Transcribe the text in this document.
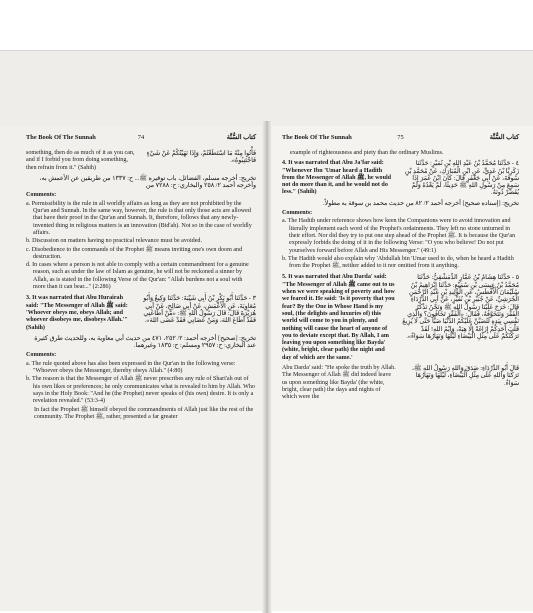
The Book Of The Sunnah	74	كتاب السُّنَّة
something, then do as much of it as you can, and if I forbid you from doing something, then refrain from it." (Sahih)
فَأْتُوا مِنْهُ مَا اسْتَطَعْتُمْ، وَإِذَا نَهَيْتُكُمْ عَنْ شَيْءٍ فَاجْتَنِبُوهُ».
تخريج: أخرجه مسلم، الفضائل، باب توقيره ﷺ... ح: ١٣٣٧ من طريقين عن الأعمش به، وأخرجه أحمد ٢/ ٢٥٨ والبخاري: ح: ٧٢٨٨ من
Comments:
a. Permissibility is the rule in all worldly affairs as long as they are not prohibited by the Qur'an and Sunnah. In the same way, however, the rule is that only those acts are allowed that have their proof in the Qur'an and Sunnah. It, therefore, follows that any newly-invented thing in religious matters is an innovation (Bid'ah). Not so in the case of worldly affairs.
b. Discussion on matters having no practical relevance must be avoided.
c. Disobedience to the commands of the Prophet ﷺ means inviting one's own doom and destruction.
d. In cases where a person is not able to comply with a certain commandment for a genuine reason, such as under the law of Islam as genuine, he will not be reckoned a sinner by Allah, as is stated in the following Verse of the Qur'an: "Allah burdens not a soul with more than it can bear..." (2:286)
3. It was narrated that Abu Hurairah said: "The Messenger of Allah ﷺ said: 'Whoever obeys me, obeys Allah; and whoever disobeys me, disobeys Allah.'" (Sahih)
٣ - حَدَّثَنَا أَبُو بَكْرِ بْنُ أَبِي شَيْبَةَ: حَدَّثَنَا وَكِيعٌ وَأَبُو مُعَاوِيَةَ، عَنِ الْأَعْمَشِ، عَنْ أَبِي صَالِحٍ، عَنْ أَبِي هُرَيْرَةَ قَالَ: قَالَ رَسُولُ اللهِ ﷺ: «مَنْ أَطَاعَنِي فَقَدْ أَطَاعَ اللهَ، وَمَنْ عَصَانِي فَقَدْ عَصَى اللهَ».
تخريج: [صحيح] أخرجه أحمد: ٢/ ٢٥٢، ٤٧١ من حديث أبي معاوية به، وللحديث طرق كثيرة عند البخاري: ح: ٢٩٥٧ ومسلم: ح: ١٨٣٥ وغيرهما.
Comments:
a. The rule quoted above has also been expressed in the Qur'an in the following verse: "Whoever obeys the Messenger, thereby obeys Allah." (4:80)
b. The reason is that the Messenger of Allah ﷺ never prescribes any rule of Shari'ah out of his own likes or preferences; he only communicates what is revealed to him by Allah. Who says in the Holy Book: "And he (the Prophet) never speaks of (his own) desire. It is only a revelation revealed." (53:3-4)
In fact the Prophet ﷺ himself obeyed the commandments of Allah just like the rest of the community. The Prophet ﷺ, rather, presented a far greater
The Book Of The Sunnah	75	كتاب السُّنَّة
example of righteousness and piety than the ordinary Muslims.
4. It was narrated that Abu Ja'far said: "Whenever Ibn 'Umar heard a Hadith from the Messenger of Allah ﷺ, he would not do more than it, and he would not do less." (Sahih)
٤ - حَدَّثَنَا مُحَمَّدُ بْنُ عَبْدِ اللهِ بْنِ نُمَيْرٍ: حَدَّثَنَا زَكَرِيَّا بْنُ عَدِيٍّ، عَنِ ابْنِ الْمُبَارَكِ، عَنْ مُحَمَّدِ بْنِ سُوقَةَ، عَنْ أَبِي جَعْفَرٍ قَالَ: كَانَ ابْنُ عُمَرَ إِذَا سَمِعَ مِنْ رَسُولِ اللهِ ﷺ حَدِيثًا، لَمْ يَعْدُهُ وَلَمْ يُقَصِّرْ دُونَهُ.
تخريج: [إسناده صحيح] أخرجه أحمد ٢/ ٨٢ من حديث محمد بن سوقة به مطولاً.
Comments:
a. The Hadith under reference shows how keen the Companions were to avoid innovation and literally implement each word of the Prophet's ordainments. They left no stone unturned in their effort. Nor did they try to put one step ahead of the Prophet ﷺ. It is because the Qur'an expressly forbids the doing of it in the following Verse: "O you who believe! Do not put yourselves forward before Allah and His Messenger." (49:1)
b. The Hadith would also explain why 'Abdullah bin 'Umar used to do, when he heard a Hadith from the Prophet ﷺ, neither added to it nor omitted from it anything.
5. It was narrated that Abu Darda' said: "The Messenger of Allah ﷺ came out to us when we were speaking of poverty and how we feared it. He said: 'Is it poverty that you fear? By the One in Whose Hand is my soul, (the delights and luxuries of) this world will come to you in plenty, and nothing will cause the heart of anyone of you to deviate except that. By Allah, I am leaving you upon something like Bayda' (white, bright, clear path) the night and day of which are the same.'
٥ - حَدَّثَنَا هِشَامُ بْنُ عَمَّارٍ الدِّمَشْقِيُّ: حَدَّثَنَا مُحَمَّدُ بْنُ عِيسَى بْنِ سُمَيْعٍ: حَدَّثَنَا إِبْرَاهِيمُ بْنُ سُلَيْمَانَ الْأَفْطَسُ، عَنِ الْوَلِيدِ بْنِ عَبْدِ الرَّحْمَنِ الْجُرَشِيِّ، عَنْ جُبَيْرِ بْنِ نُفَيْرٍ، عَنْ أَبِي الدَّرْدَاءِ قَالَ: خَرَجَ عَلَيْنَا رَسُولُ اللهِ ﷺ وَنَحْنُ نَذْكُرُ الْفَقْرَ وَنَتَخَوَّفُهُ، فَقَالَ: «آلْفَقْرَ تَخَافُونَ؟ وَالَّذِي نَفْسِي بِيَدِهِ لَتُصَبَّنَّ عَلَيْكُمُ الدُّنْيَا صَبًّا حَتَّى لَا يُزِيغَ قَلْبَ أَحَدِكُمْ إِزَاغَةً إِلَّا هِيَهْ، وَايْمُ اللهِ! لَقَدْ تَرَكْتُكُمْ عَلَى مِثْلِ الْبَيْضَاءِ لَيْلُهَا وَنَهَارُهَا سَوَاءٌ».
Abu Darda' said: "He spoke the truth by Allah. The Messenger of Allah ﷺ did indeed leave us upon something like Bayda' (the white, bright, clear path) the days and nights of which were the
قَالَ أَبُو الدَّرْدَاءِ: صَدَقَ وَاللهِ رَسُولُ اللهِ ﷺ، تَرَكَنَا وَاللهِ عَلَى مِثْلِ الْبَيْضَاءِ، لَيْلُهَا وَنَهَارُهَا سَوَاءٌ.
